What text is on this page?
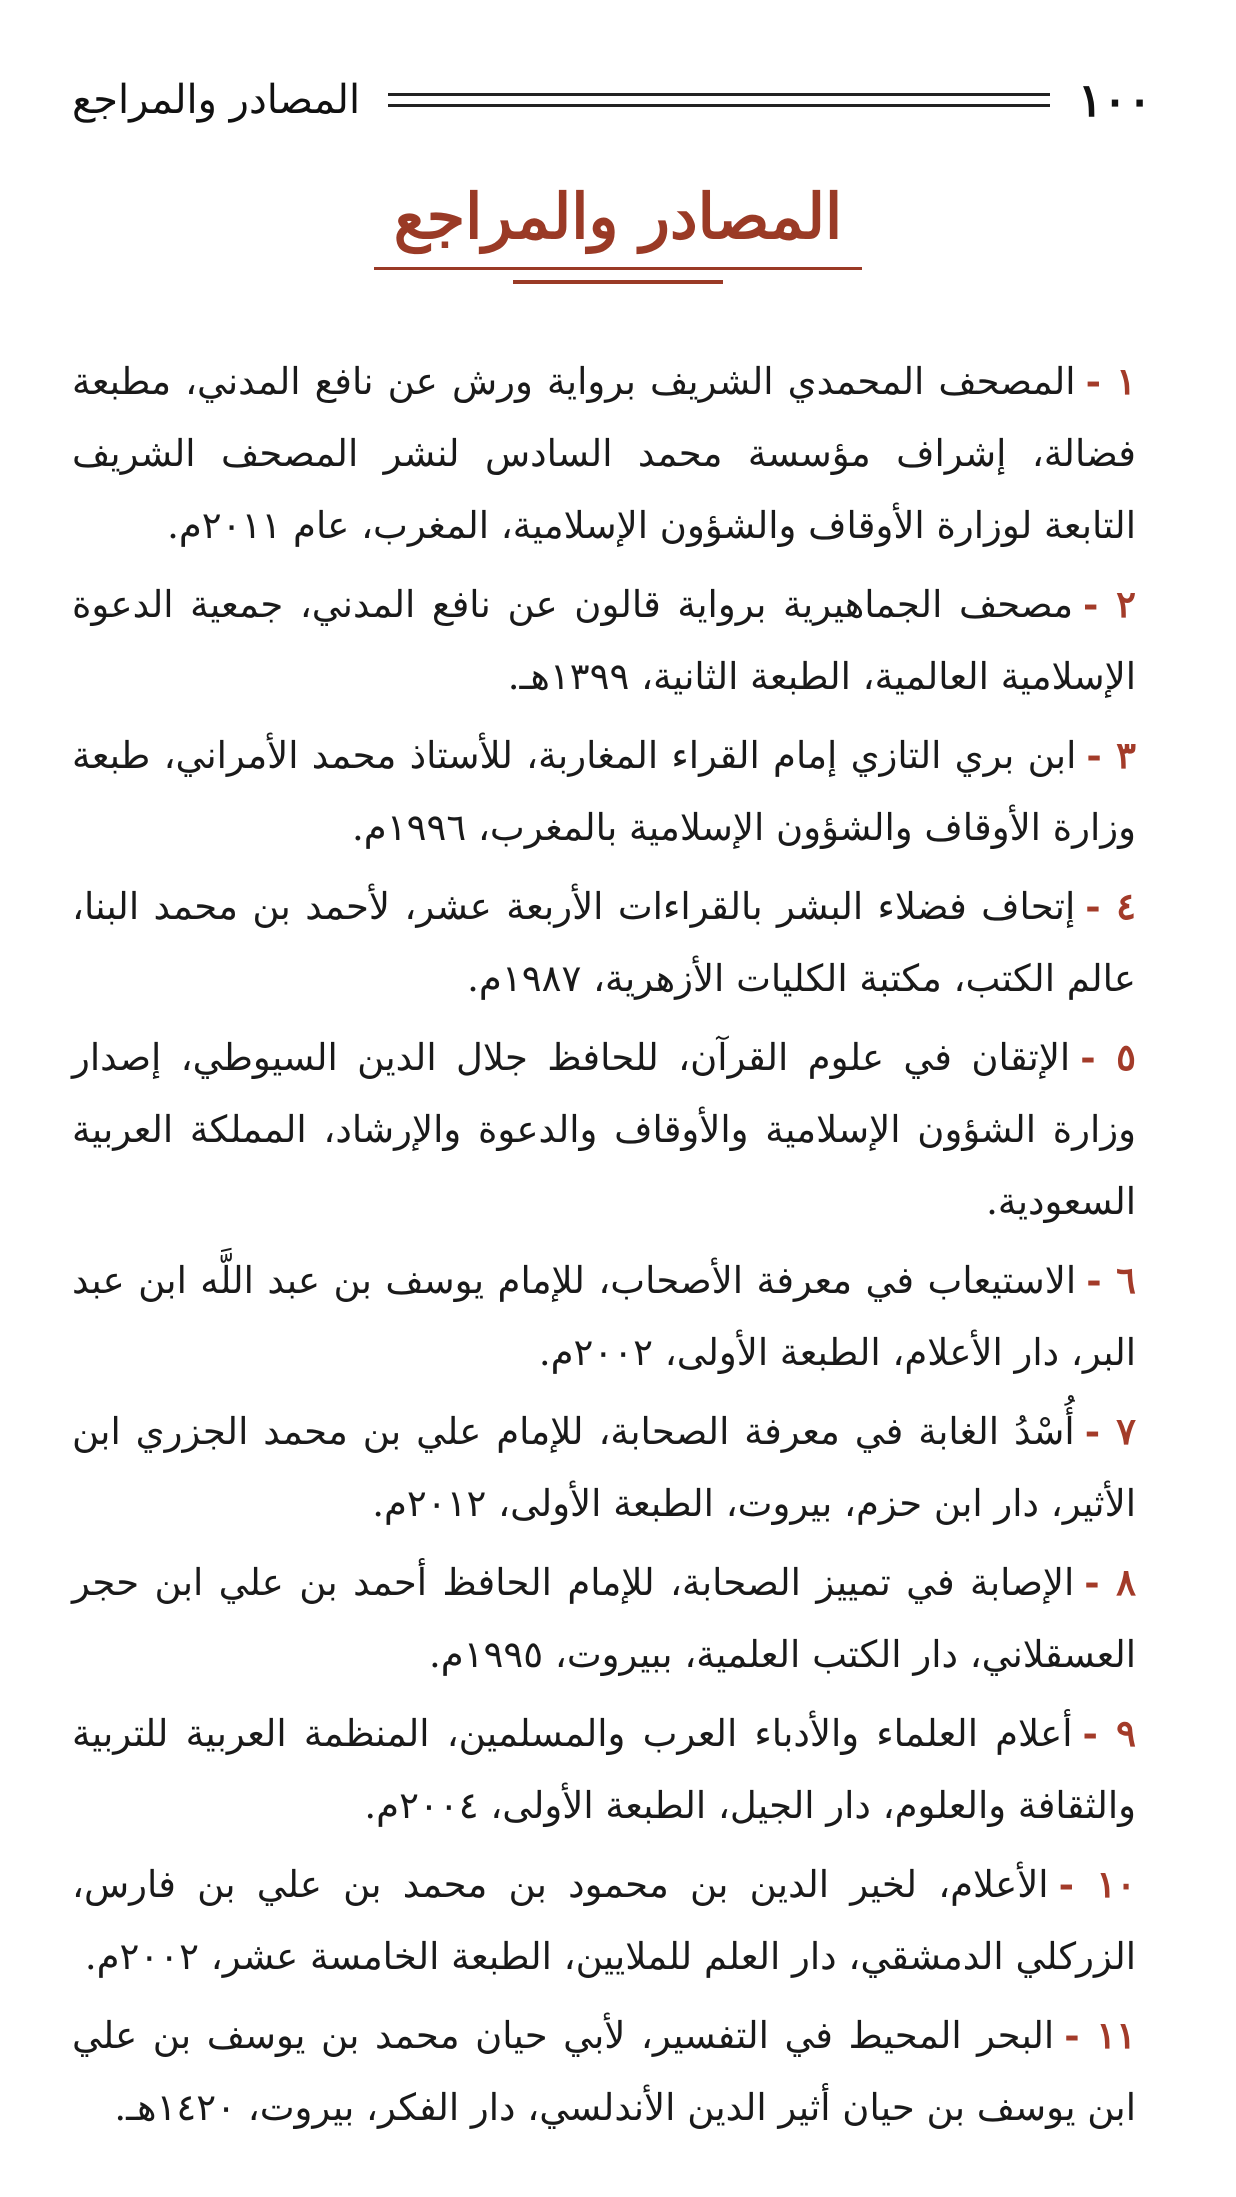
١٠٠
المصادر والمراجع
المصادر والمراجع
١ -المصحف المحمدي الشريف برواية ورش عن نافع المدني، مطبعة فضالة، إشراف مؤسسة محمد السادس لنشر المصحف الشريف التابعة لوزارة الأوقاف والشؤون الإسلامية، المغرب، عام ٢٠١١م.
٢ -مصحف الجماهيرية برواية قالون عن نافع المدني، جمعية الدعوة الإسلامية العالمية، الطبعة الثانية، ١٣٩٩هـ.
٣ -ابن بري التازي إمام القراء المغاربة، للأستاذ محمد الأمراني، طبعة وزارة الأوقاف والشؤون الإسلامية بالمغرب، ١٩٩٦م.
٤ -إتحاف فضلاء البشر بالقراءات الأربعة عشر، لأحمد بن محمد البنا، عالم الكتب، مكتبة الكليات الأزهرية، ١٩٨٧م.
٥ -الإتقان في علوم القرآن، للحافظ جلال الدين السيوطي، إصدار وزارة الشؤون الإسلامية والأوقاف والدعوة والإرشاد، المملكة العربية السعودية.
٦ -الاستيعاب في معرفة الأصحاب، للإمام يوسف بن عبد اللَّه ابن عبد البر، دار الأعلام، الطبعة الأولى، ٢٠٠٢م.
٧ -أُسْدُ الغابة في معرفة الصحابة، للإمام علي بن محمد الجزري ابن الأثير، دار ابن حزم، بيروت، الطبعة الأولى، ٢٠١٢م.
٨ -الإصابة في تمييز الصحابة، للإمام الحافظ أحمد بن علي ابن حجر العسقلاني، دار الكتب العلمية، ببيروت، ١٩٩٥م.
٩ -أعلام العلماء والأدباء العرب والمسلمين، المنظمة العربية للتربية والثقافة والعلوم، دار الجيل، الطبعة الأولى، ٢٠٠٤م.
١٠ -الأعلام، لخير الدين بن محمود بن محمد بن علي بن فارس، الزركلي الدمشقي، دار العلم للملايين، الطبعة الخامسة عشر، ٢٠٠٢م.
١١ -البحر المحيط في التفسير، لأبي حيان محمد بن يوسف بن علي ابن يوسف بن حيان أثير الدين الأندلسي، دار الفكر، بيروت، ١٤٢٠هـ.
